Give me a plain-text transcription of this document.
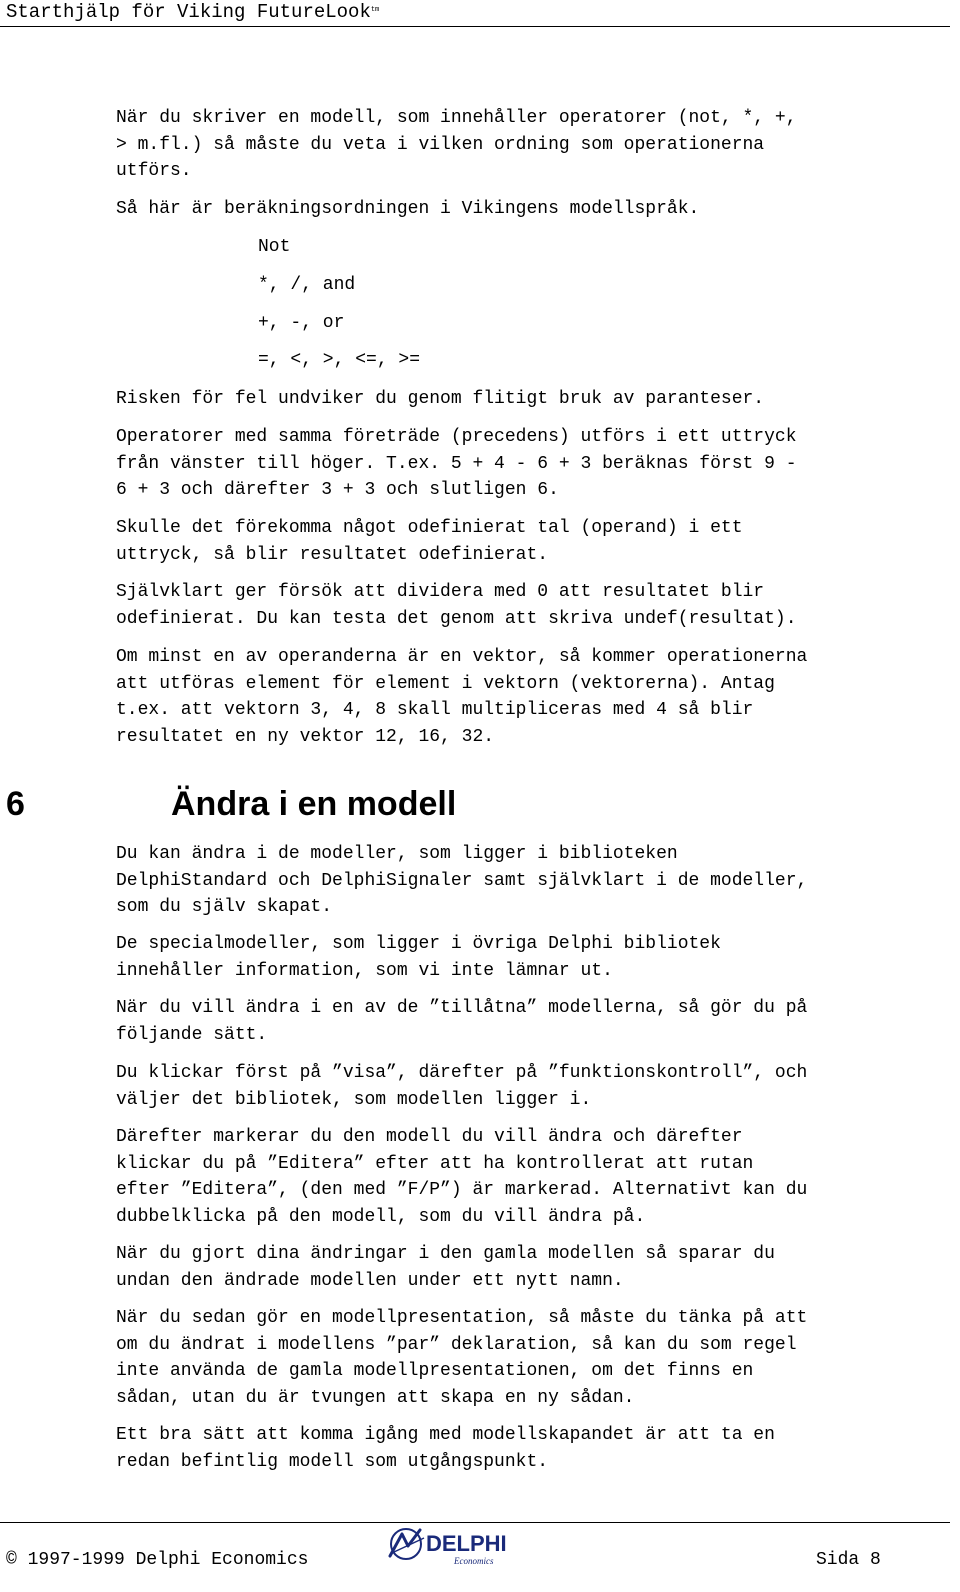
Starthjälp för Viking FutureLook$^{tm}$

När du skriver en modell, som innehåller operatorer (not, *, +,
> m.fl.) så måste du veta i vilken ordning som operationerna
utförs.

Så här är beräkningsordningen i Vikingens modellspråk.

Not
*, /, and
+, -, or
=, <, >, <=, >=

Risken för fel undviker du genom flitigt bruk av paranteser.

Operatorer med samma företräde (precedens) utförs i ett uttryck
från vänster till höger. T.ex. 5 + 4 - 6 + 3 beräknas först 9 -
6 + 3 och därefter 3 + 3 och slutligen 6.

Skulle det förekomma något odefinierat tal (operand) i ett
uttryck, så blir resultatet odefinierat.

Självklart ger försök att dividera med 0 att resultatet blir
odefinierat. Du kan testa det genom att skriva undef(resultat).

Om minst en av operanderna är en vektor, så kommer operationerna
att utföras element för element i vektorn (vektorerna). Antag
t.ex. att vektorn 3, 4, 8 skall multipliceras med 4 så blir
resultatet en ny vektor 12, 16, 32.

6	Ändra i en modell

Du kan ändra i de modeller, som ligger i biblioteken
DelphiStandard och DelphiSignaler samt självklart i de modeller,
som du själv skapat.

De specialmodeller, som ligger i övriga Delphi bibliotek
innehåller information, som vi inte lämnar ut.

När du vill ändra i en av de ”tillåtna” modellerna, så gör du på
följande sätt.

Du klickar först på ”visa”, därefter på ”funktionskontroll”, och
väljer det bibliotek, som modellen ligger i.

Därefter markerar du den modell du vill ändra och därefter
klickar du på ”Editera” efter att ha kontrollerat att rutan
efter ”Editera”, (den med ”F/P”) är markerad. Alternativt kan du
dubbelklicka på den modell, som du vill ändra på.

När du gjort dina ändringar i den gamla modellen så sparar du
undan den ändrade modellen under ett nytt namn.

När du sedan gör en modellpresentation, så måste du tänka på att
om du ändrat i modellens ”par” deklaration, så kan du som regel
inte använda de gamla modellpresentationen, om det finns en
sådan, utan du är tvungen att skapa en ny sådan.

Ett bra sätt att komma igång med modellskapandet är att ta en
redan befintlig modell som utgångspunkt.

© 1997-1999 Delphi Economics
DELPHI
Economics	Sida 8
